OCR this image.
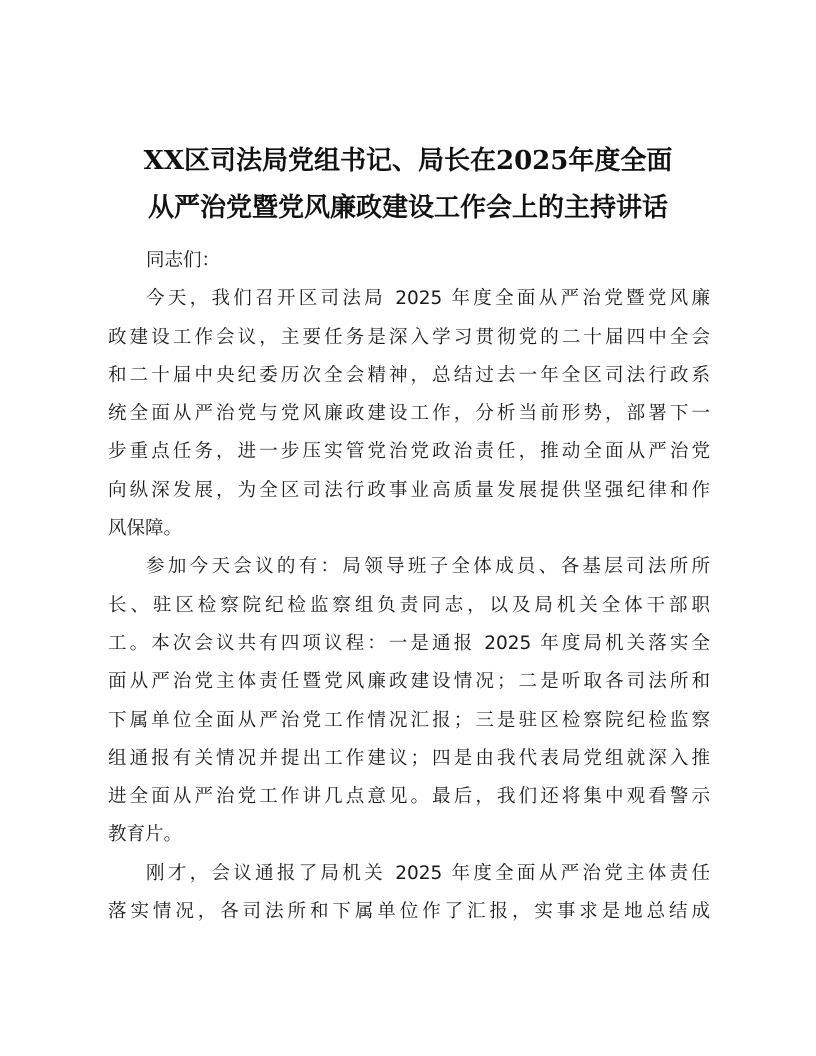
XX区司法局党组书记、局长在2025年度全面
从严治党暨党风廉政建设工作会上的主持讲话
同志们：
今天，我们召开区司法局 2025 年度全面从严治党暨党风廉
政建设工作会议，主要任务是深入学习贯彻党的二十届四中全会
和二十届中央纪委历次全会精神，总结过去一年全区司法行政系
统全面从严治党与党风廉政建设工作，分析当前形势，部署下一
步重点任务，进一步压实管党治党政治责任，推动全面从严治党
向纵深发展，为全区司法行政事业高质量发展提供坚强纪律和作
风保障。
参加今天会议的有：局领导班子全体成员、各基层司法所所
长、驻区检察院纪检监察组负责同志，以及局机关全体干部职
工。本次会议共有四项议程：一是通报 2025 年度局机关落实全
面从严治党主体责任暨党风廉政建设情况；二是听取各司法所和
下属单位全面从严治党工作情况汇报；三是驻区检察院纪检监察
组通报有关情况并提出工作建议；四是由我代表局党组就深入推
进全面从严治党工作讲几点意见。最后，我们还将集中观看警示
教育片。
刚才，会议通报了局机关 2025 年度全面从严治党主体责任
落实情况，各司法所和下属单位作了汇报，实事求是地总结成
